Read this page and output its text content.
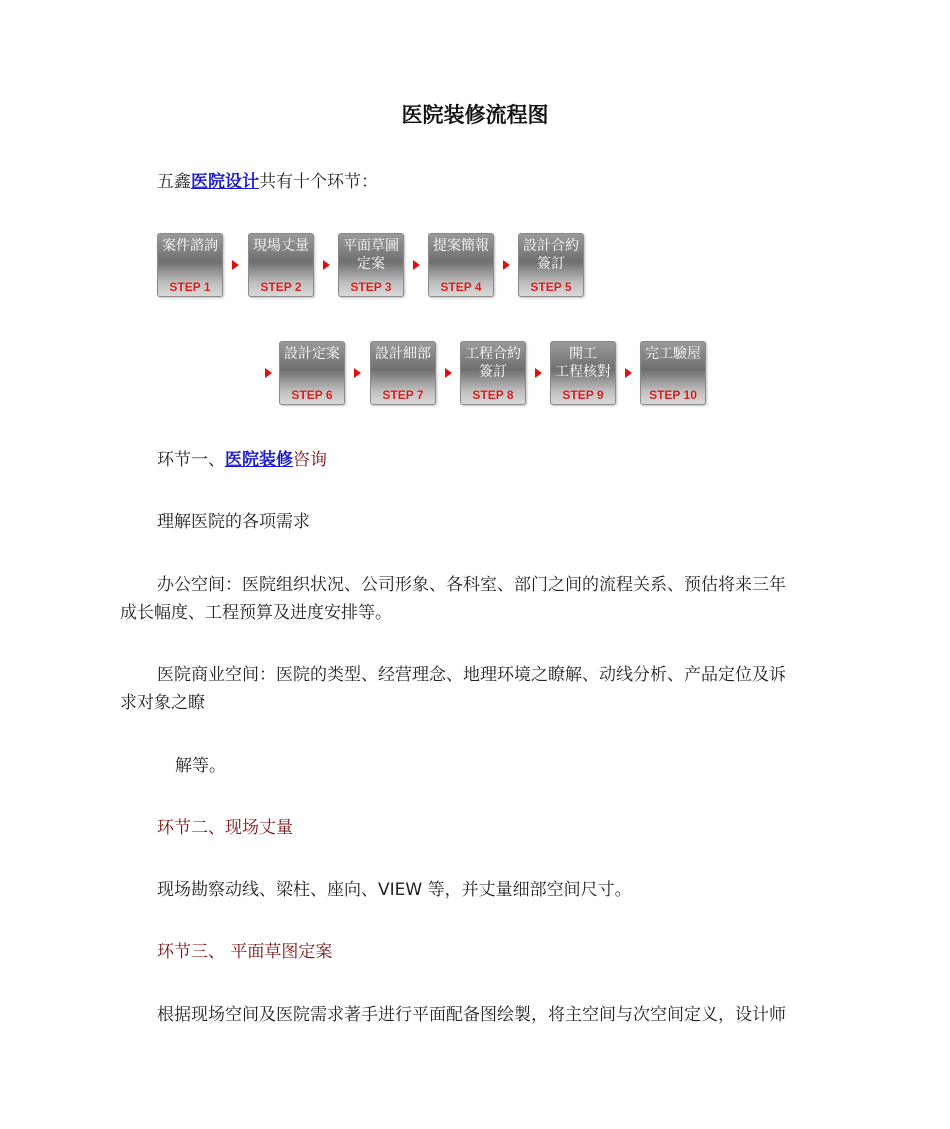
医院装修流程图
五鑫医院设计共有十个环节：
案件諮詢
STEP 1
現場丈量
STEP 2
平面草圖
定案
STEP 3
提案簡報
STEP 4
設計合約
簽訂
STEP 5
設計定案
STEP 6
設計細部
STEP 7
工程合約
簽訂
STEP 8
開工
工程核對
STEP 9
完工驗屋
STEP 10
环节一、医院装修咨询
理解医院的各项需求
办公空间：医院组织状况、公司形象、各科室、部门之间的流程关系、预估将来三年
成长幅度、工程预算及进度安排等。
医院商业空间：医院的类型、经营理念、地理环境之瞭解、动线分析、产品定位及诉
求对象之瞭
解等。
环节二、现场丈量
现场勘察动线、梁柱、座向、VIEW 等，并丈量细部空间尺寸。
环节三、 平面草图定案
根据现场空间及医院需求著手进行平面配备图绘製，将主空间与次空间定义，设计师
